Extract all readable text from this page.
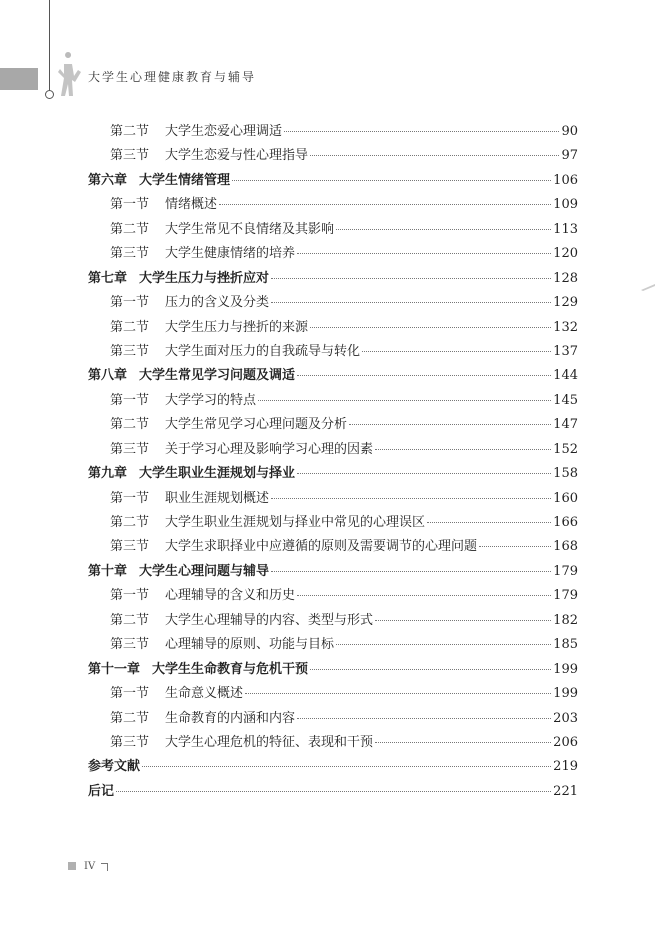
大学生心理健康教育与辅导
第二节 大学生恋爱心理调适	90
第三节 大学生恋爱与性心理指导	97
第六章 大学生情绪管理	106
第一节 情绪概述	109
第二节 大学生常见不良情绪及其影响	113
第三节 大学生健康情绪的培养	120
第七章 大学生压力与挫折应对	128
第一节 压力的含义及分类	129
第二节 大学生压力与挫折的来源	132
第三节 大学生面对压力的自我疏导与转化	137
第八章 大学生常见学习问题及调适	144
第一节 大学学习的特点	145
第二节 大学生常见学习心理问题及分析	147
第三节 关于学习心理及影响学习心理的因素	152
第九章 大学生职业生涯规划与择业	158
第一节 职业生涯规划概述	160
第二节 大学生职业生涯规划与择业中常见的心理误区	166
第三节 大学生求职择业中应遵循的原则及需要调节的心理问题	168
第十章 大学生心理问题与辅导	179
第一节 心理辅导的含义和历史	179
第二节 大学生心理辅导的内容、类型与形式	182
第三节 心理辅导的原则、功能与目标	185
第十一章 大学生生命教育与危机干预	199
第一节 生命意义概述	199
第二节 生命教育的内涵和内容	203
第三节 大学生心理危机的特征、表现和干预	206
参考文献	219
后记	221
IV
